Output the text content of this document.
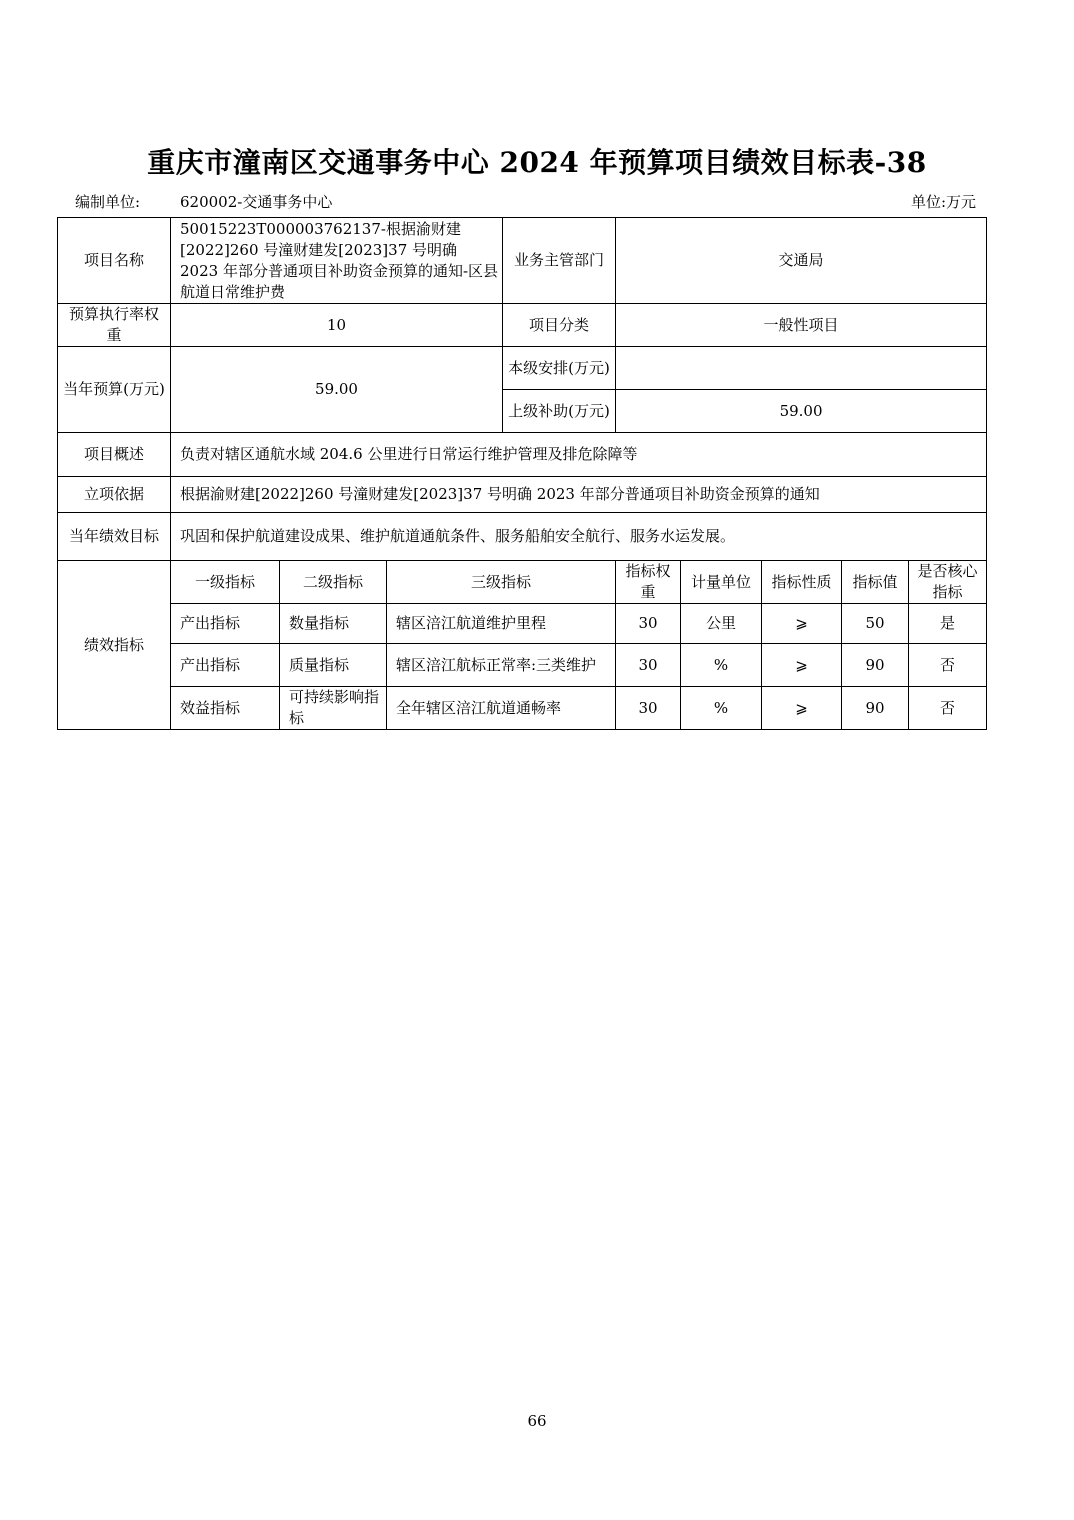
重庆市潼南区交通事务中心 2024 年预算项目绩效目标表-38
编制单位:	620002-交通事务中心	单位:万元
项目名称	50015223T000003762137-根据渝财建[2022]260 号潼财建发[2023]37 号明确 2023 年部分普通项目补助资金预算的通知-区县航道日常维护费			业务主管部门	交通局				
预算执行率权重	10			项目分类	一般性项目				
当年预算(万元)	59.00			本级安排(万元)					
				上级补助(万元)	59.00				
项目概述	负责对辖区通航水域 204.6 公里进行日常运行维护管理及排危除障等								
立项依据	根据渝财建[2022]260 号潼财建发[2023]37 号明确 2023 年部分普通项目补助资金预算的通知								
当年绩效目标	巩固和保护航道建设成果、维护航道通航条件、服务船舶安全航行、服务水运发展。								
绩效指标	一级指标	二级指标	三级指标		指标权重	计量单位	指标性质	指标值	是否核心指标
	产出指标	数量指标	辖区涪江航道维护里程		30	公里	⩾	50	是
	产出指标	质量指标	辖区涪江航标正常率:三类维护		30	%	⩾	90	否
	效益指标	可持续影响指标	全年辖区涪江航道通畅率		30	%	⩾	90	否
66
